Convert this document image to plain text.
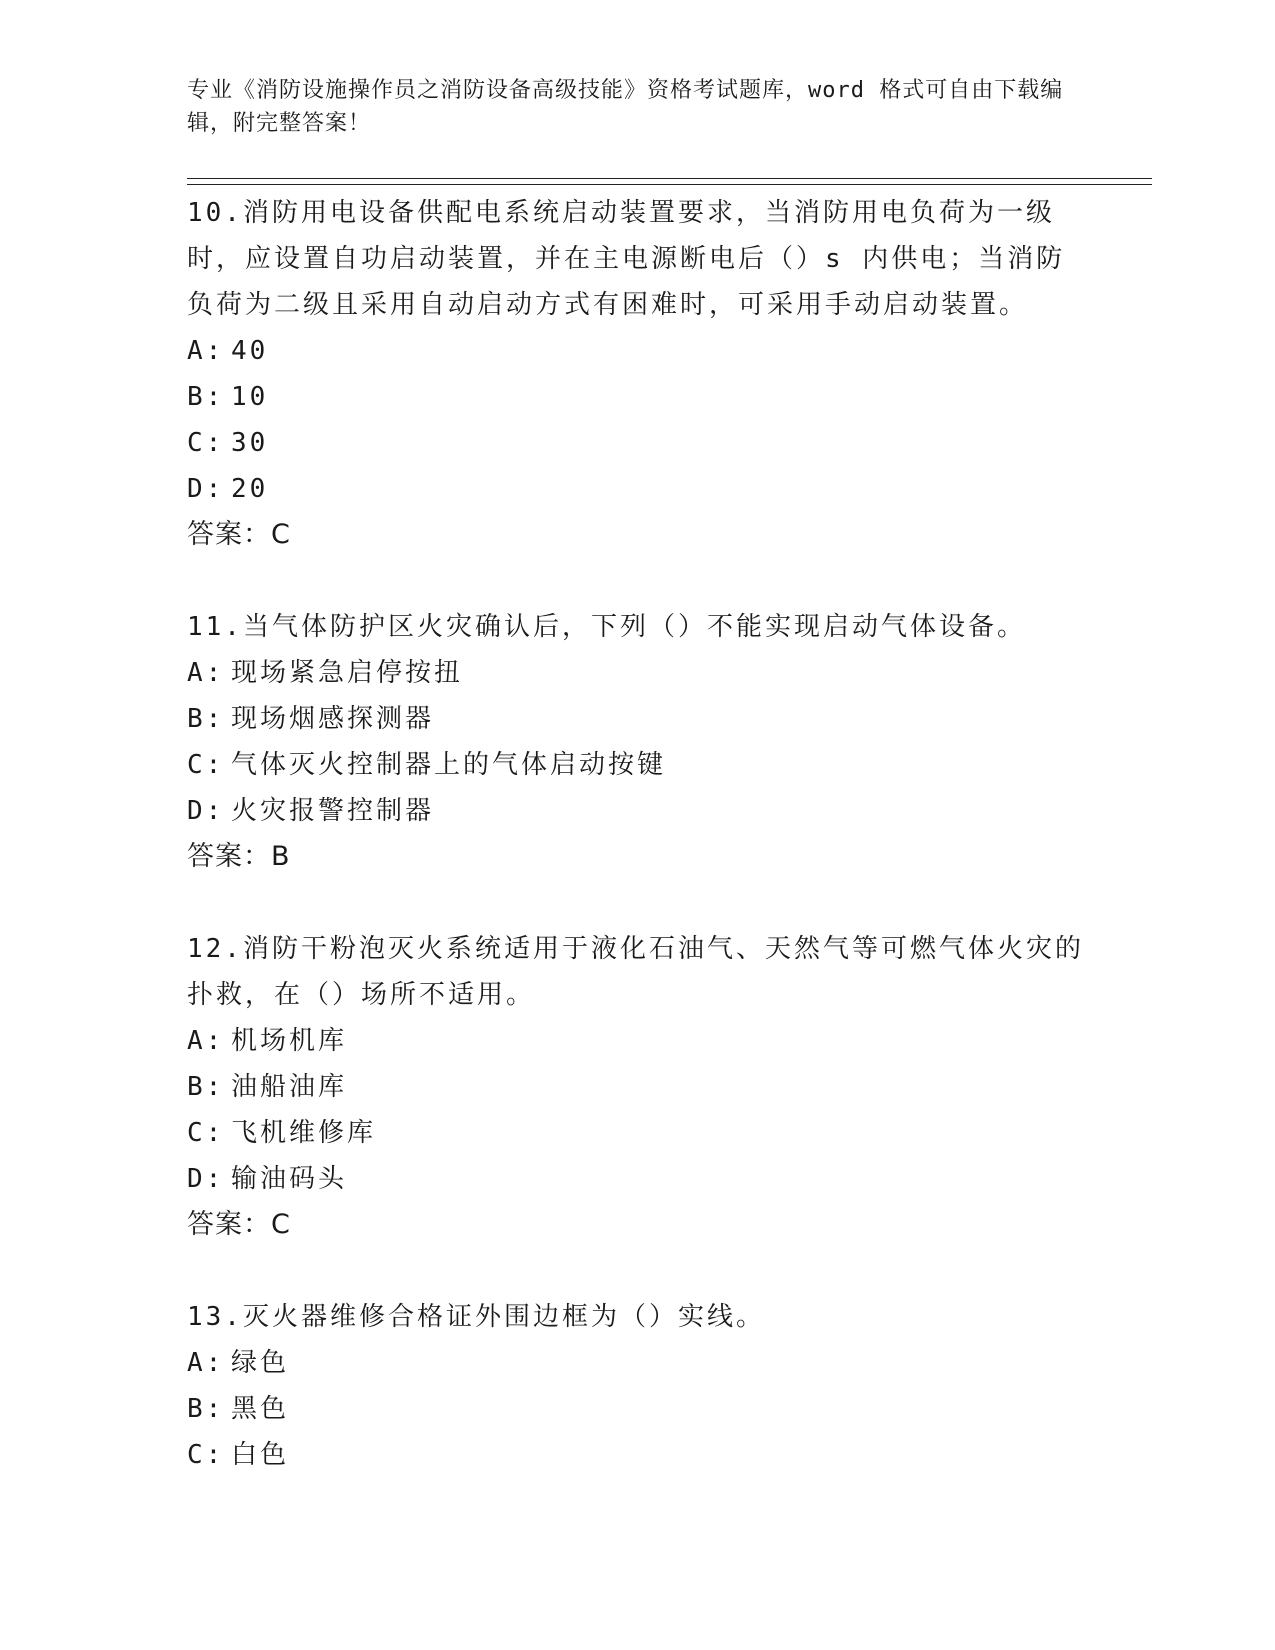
专业《消防设施操作员之消防设备高级技能》资格考试题库，word 格式可自由下载编辑，附完整答案！

10.消防用电设备供配电系统启动装置要求，当消防用电负荷为一级时，应设置自功启动装置，并在主电源断电后（）s 内供电；当消防负荷为二级且采用自动启动方式有困难时，可采用手动启动装置。

A: 40

B: 10

C: 30

D: 20

答案：C

11.当气体防护区火灾确认后，下列（）不能实现启动气体设备。

A: 现场紧急启停按扭

B: 现场烟感探测器

C: 气体灭火控制器上的气体启动按键

D: 火灾报警控制器

答案：B

12.消防干粉泡灭火系统适用于液化石油气、天然气等可燃气体火灾的扑救，在（）场所不适用。

A: 机场机库

B: 油船油库

C: 飞机维修库

D: 输油码头

答案：C

13.灭火器维修合格证外围边框为（）实线。

A: 绿色

B: 黑色

C: 白色
